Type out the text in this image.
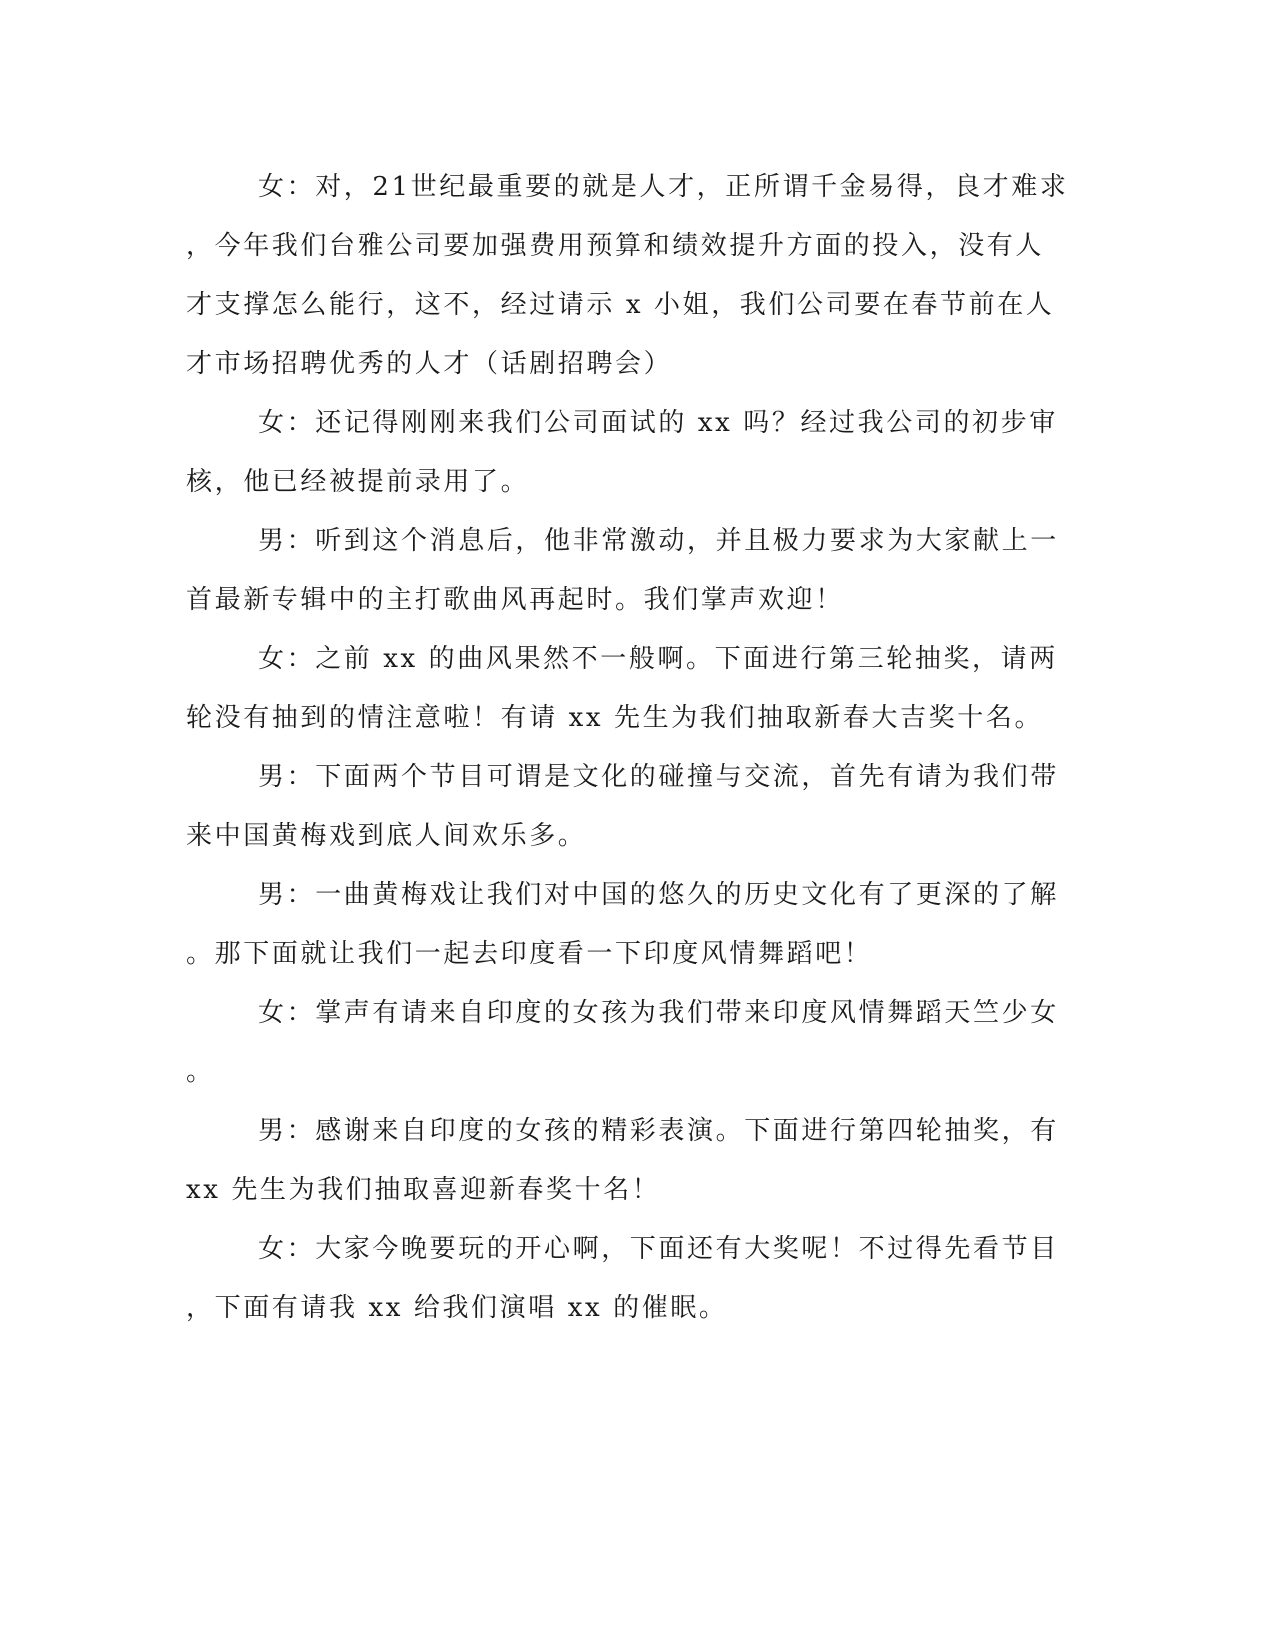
女：对，21世纪最重要的就是人才，正所谓千金易得，良才难求
，今年我们台雅公司要加强费用预算和绩效提升方面的投入，没有人
才支撑怎么能行，这不，经过请示 x 小姐，我们公司要在春节前在人
才市场招聘优秀的人才（话剧招聘会）
女：还记得刚刚来我们公司面试的 xx 吗？经过我公司的初步审
核，他已经被提前录用了。
男：听到这个消息后，他非常激动，并且极力要求为大家献上一
首最新专辑中的主打歌曲风再起时。我们掌声欢迎！
女：之前 xx 的曲风果然不一般啊。下面进行第三轮抽奖，请两
轮没有抽到的情注意啦！有请 xx 先生为我们抽取新春大吉奖十名。
男：下面两个节目可谓是文化的碰撞与交流，首先有请为我们带
来中国黄梅戏到底人间欢乐多。
男：一曲黄梅戏让我们对中国的悠久的历史文化有了更深的了解
。那下面就让我们一起去印度看一下印度风情舞蹈吧！
女：掌声有请来自印度的女孩为我们带来印度风情舞蹈天竺少女
。
男：感谢来自印度的女孩的精彩表演。下面进行第四轮抽奖，有
xx 先生为我们抽取喜迎新春奖十名！
女：大家今晚要玩的开心啊，下面还有大奖呢！不过得先看节目
，下面有请我 xx 给我们演唱 xx 的催眠。
